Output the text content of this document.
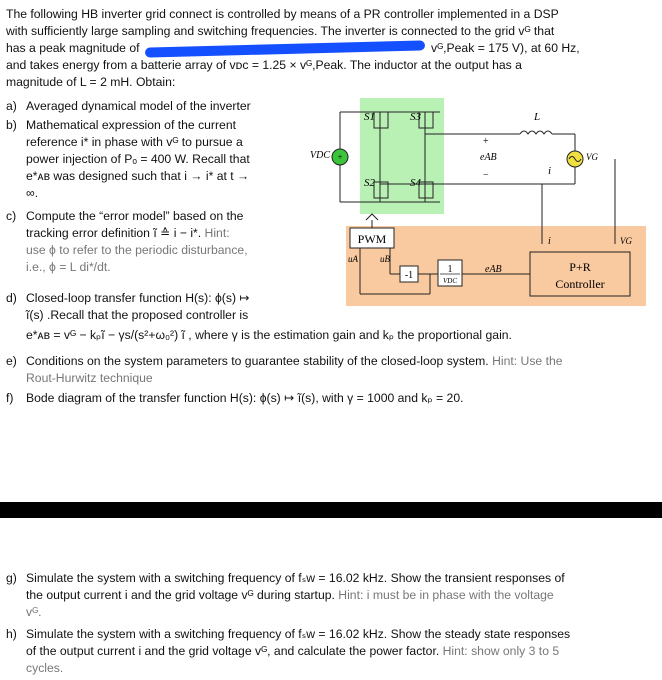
The following HB inverter grid connect is controlled by means of a PR controller implemented in a DSP
with sufficiently large sampling and switching frequencies. The inverter is connected to the grid vᴳ that
has a peak magnitude of	vᴳ,Peak = 175 V), at 60 Hz,
and takes energy from a batterie array of vᴅᴄ = 1.25 × vᴳ,Peak. The inductor at the output has a
magnitude of L = 2 mH. Obtain:
a) Averaged dynamical model of the inverter
b) Mathematical expression of the current
reference i* in phase with vᴳ to pursue a
power injection of Pₒ = 400 W. Recall that
e*ᴀʙ was designed such that i → i* at t →
∞.
c) Compute the “error model” based on the
tracking error definition ĩ ≙ i − i*. Hint:
use ϕ to refer to the periodic disturbance,
i.e., ϕ = L di*/dt.
d) Closed-loop transfer function H(s): ϕ(s) ↦
ĩ(s) .Recall that the proposed controller is
e*ᴀʙ = vᴳ − kₚĩ − γs/(s²+ω₀²) ĩ , where γ is the estimation gain and kₚ the proportional gain.
e) Conditions on the system parameters to guarantee stability of the closed-loop system. Hint: Use the
Rout-Hurwitz technique
f) Bode diagram of the transfer function H(s): ϕ(s) ↦ ĩ(s), with γ = 1000 and kₚ = 20.
g) Simulate the system with a switching frequency of fₛᴡ = 16.02 kHz. Show the transient responses of
the output current i and the grid voltage vᴳ during startup. Hint: i must be in phase with the voltage
vᴳ.
h) Simulate the system with a switching frequency of fₛᴡ = 16.02 kHz. Show the steady state responses
of the output current i and the grid voltage vᴳ, and calculate the power factor. Hint: show only 3 to 5
cycles.
+
VDC
S1	S3
S2	S4
L
+
eAB
−
VG
i
i	VG
P+R
Controller
PWM
uA uB
-1
1
VDC
eAB
